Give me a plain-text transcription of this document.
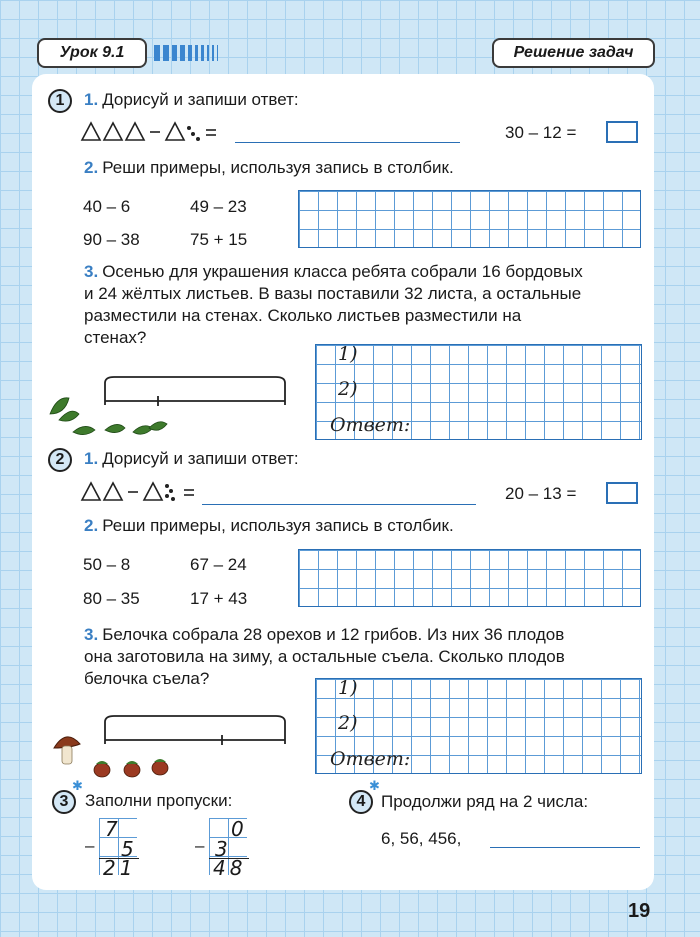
Урок 9.1	Решение задач
1 1. Дорисуй и запиши ответ:
30 – 12 =
2. Реши примеры, используя запись в столбик.
40 – 6	49 – 23
90 – 38	75 + 15
3. Осенью для украшения класса ребята собрали 16 бордовых
и 24 жёлтых листьев. В вазы поставили 32 листа, а остальные
разместили на стенах. Сколько листьев разместили на
стенах?
1)
2)
Ответ:
2 1. Дорисуй и запиши ответ:
20 – 13 =
2. Реши примеры, используя запись в столбик.
50 – 8	67 – 24
80 – 35	17 + 43
3. Белочка собрала 28 орехов и 12 грибов. Из них 36 плодов
она заготовила на зиму, а остальные съела. Сколько плодов
белочка съела?	1)
2)
Ответ:
✱
3 Заполни пропуски:
–
7
5
21
–
0
3
48
✱
4 Продолжи ряд на 2 числа:
6, 56, 456,
19
